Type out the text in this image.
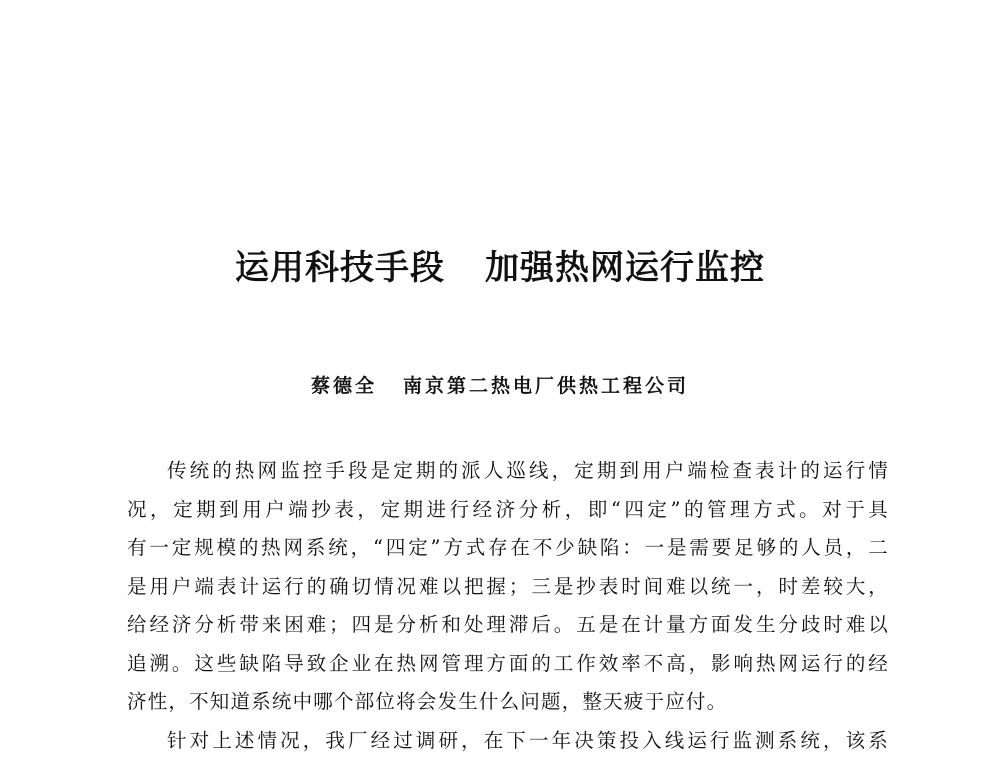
运用科技手段 加强热网运行监控
蔡德全 南京第二热电厂供热工程公司
传统的热网监控手段是定期的派人巡线，定期到用户端检查表计的运行情
况，定期到用户端抄表，定期进行经济分析，即“四定”的管理方式。对于具
有一定规模的热网系统，“四定”方式存在不少缺陷：一是需要足够的人员，二
是用户端表计运行的确切情况难以把握；三是抄表时间难以统一，时差较大，
给经济分析带来困难；四是分析和处理滞后。五是在计量方面发生分歧时难以
追溯。这些缺陷导致企业在热网管理方面的工作效率不高，影响热网运行的经
济性，不知道系统中哪个部位将会发生什么问题，整天疲于应付。
针对上述情况，我厂经过调研，在下一年决策投入线运行监测系统，该系
